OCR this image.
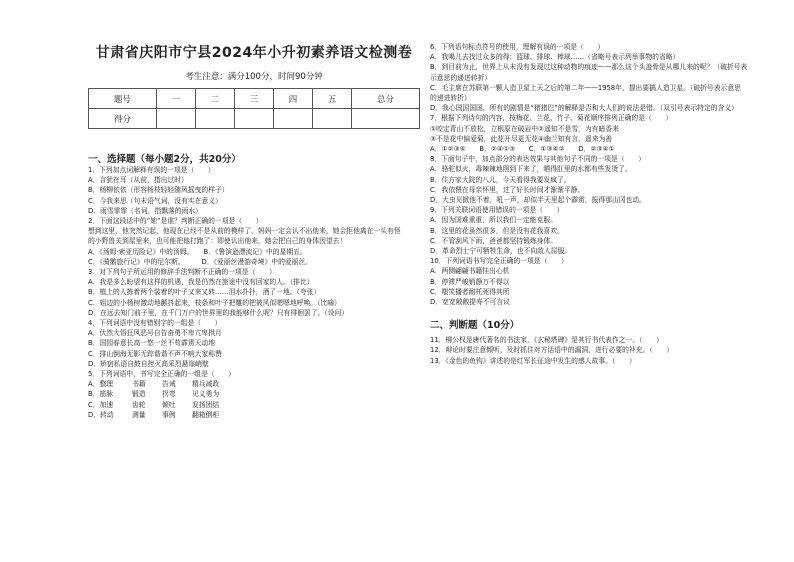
甘肃省庆阳市宁县2024年小升初素养语文检测卷
考生注意：满分100分，时间90分钟
题号	一	二	三	四	五	总分
得分						
一、选择题（每小题2分，共20分）
1．下列加点词解释有误的一项是（　　）
A．言犹在耳（从前，指出过时）
B．杨柳依依（形容杨枝轻轻随风摇曳的样子）
C．今我来思（句末语气词，没有实在意义）
D．雨雪霏霏（名词，指飘落的雨水）
2．下面这段话中的“她”是谁？判断正确的一项是（　　）
想到这里，他突然记起，他现在已经不是从前的模样了。妈妈一定会认不出他来，她会拒他离在一头有怪
的小野兽关到屋里来，也可能把他打跑了：即使认出他来，她会把自己的身体因望去！
A．《汤姆·索亚历险记》中的汤姆。　　B．《鲁滨逊漂流记》中的星期五。
C．《骑鹅旅行记》中的尼尔斯。　　　D．《爱丽丝漫游奇境》中的爱丽丝。
3．对下列句子所运用的修辞手法判断不正确的一项是（　　）
A．我是多么盼望有这样的机遇，我是仍然在旅途中没有回家的人。（排比）
B．植上的人拣着两个装着的叶子又来又转……泪水扑扑，酒了一地。（夸张）
C．姐边的小杨树激动地颤抖起来，枝条和叶子把雕的把被风似嗯嗯地呼唤。（比喻）
D．在远去知门前子里，在千门万户的世界里的我能够什么呢？只有徘徊罢了。（设问）
4．下列词语中没有错别字的一组是（　　）
A．伏然大悟狂风恶号自告奋勇不卑亢卑拱月
B．国园春意长高一悠一丝不苟霹雳天动地
C．排山倒海无影无踪谐谐不声不响大家称赞
D．矫宿私语自鼓自控灭高采烈悬崖峭壁
5．下列词语中，书写完全正确的一组是（　　）
A．整理	书籍	告诫	精兵减政
B．筋脉	锻造	拐弯	见义勇为
C．加速	齿轮	倾吐	发扬团结
D．转动	测量	事例	翻箱倒柜
6．下列语句标点符号的使用，理解有误的一项是（　　）
A．我喝儿去找过众多的得：篮球、排球、棒球……（省略号表示列举事物的省略）
B．到目前为止，世界上从未没有发现过这种动物的痕迹——那么这个头盖骨是从哪儿来的呢？（破折号表
示意思的递进转折）
C．毛主席在苏联第一颗人造卫星上天之后的第二年——1958年，提出要搞人造卫星。（破折号表示意思
的递进转折）
D．我心国国国国，所有的剧情是“猪猪巴”的解释是否和大人们的说法是错。（双引号表示特定的含义）
7．根据下列诗句的内容，按梅花、兰花、竹子、菊花顺序排列正确的是（　　）
①咬定青山不放松，立根原在破岩中②遥知不是雪，为有暗香来
③不是花中偏爱菊，此花开尽更无花④幽兰知有言，遥来为善
A．①②③④　　B．②④①③　　C．①③④②　　D．②③④①
8．下面句子中，加点部分的表达效果与其他句子不同的一项是（　　）
A．骆驼似火，毒辣辣地照到下来了，晒得肛里的水都有些发烫了。
B．住方家大院的八儿，今天看得我要发疯了。
C．我依偎在母亲怀里，过了好长时间才渐渐平静。
D．大虫见掀他不着，吼一声，却似半天里起个霹雳，振得那山冈也动。
9．下列关联词语使用错误的一项是（　　）
A．因为国难重重，所以我们一定能克服。
B．这里的花虽然很多，但是没有花我喜欢。
C．不管刮风下雨，爸爸都坚持锻炼身体。
D．革命烈士宁可牺牲生命，也不向敌人屈服。
10．下列词语书写完全正确的一项是（　　）
A．两侧翩翩书籍挂出心机
B．停滞严峻销静万不得以
C．嗤笑播者耐托死得其所
D．宽宽敞敞提寿不可言议
二、判断题（10分）
11．柳公权是唐代著名的书法家，《玄秘塔碑》是其行书代表作之一。（　　）
12．辩论时要注意倾听，及时抓住对方话语中的漏洞，进行必要的补充。（　　）
13．《金色的鱼钩》讲述的是红军长征途中发生的感人故事。（　　）
